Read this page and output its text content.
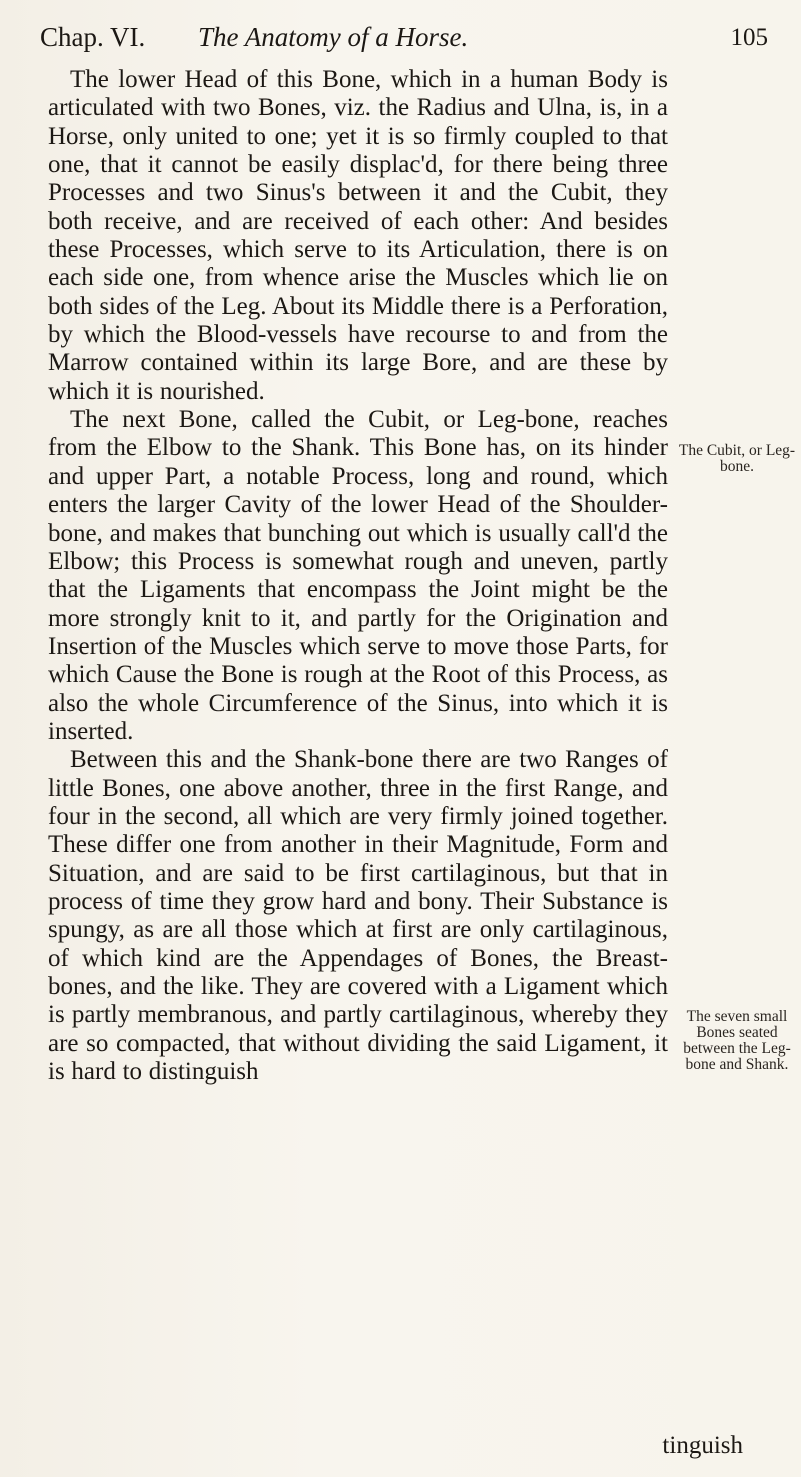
Chap. VI. The Anatomy of a Horse.	105

The lower Head of this Bone, which in a human Body is articulated with two Bones, viz. the Radius and Ulna, is, in a Horse, only united to one; yet it is so firmly coupled to that one, that it cannot be easily displac'd, for there being three Processes and two Sinus's between it and the Cubit, they both receive, and are received of each other: And besides these Processes, which serve to its Articulation, there is on each side one, from whence arise the Muscles which lie on both sides of the Leg. About its Middle there is a Perforation, by which the Blood-vessels have recourse to and from the Marrow contained within its large Bore, and are these by which it is nourished.

The next Bone, called the Cubit, or Leg-bone, reaches from the Elbow to the Shank. This Bone has, on its hinder and upper Part, a notable Process, long and round, which enters the larger Cavity of the lower Head of the Shoulder-bone, and makes that bunching out which is usually call'd the Elbow; this Process is somewhat rough and uneven, partly that the Ligaments that encompass the Joint might be the more strongly knit to it, and partly for the Origination and Insertion of the Muscles which serve to move those Parts, for which Cause the Bone is rough at the Root of this Process, as also the whole Circumference of the Sinus, into which it is inserted.

Between this and the Shank-bone there are two Ranges of little Bones, one above another, three in the first Range, and four in the second, all which are very firmly joined together. These differ one from another in their Magnitude, Form and Situation, and are said to be first cartilaginous, but that in process of time they grow hard and bony. Their Substance is spungy, as are all those which at first are only cartilaginous, of which kind are the Appendages of Bones, the Breast-bones, and the like. They are covered with a Ligament which is partly membranous, and partly cartilaginous, whereby they are so compacted, that without dividing the said Ligament, it is hard to distinguish

The Cubit, or Leg-bone.
The seven small Bones seated between the Leg-bone and Shank.
tinguish
